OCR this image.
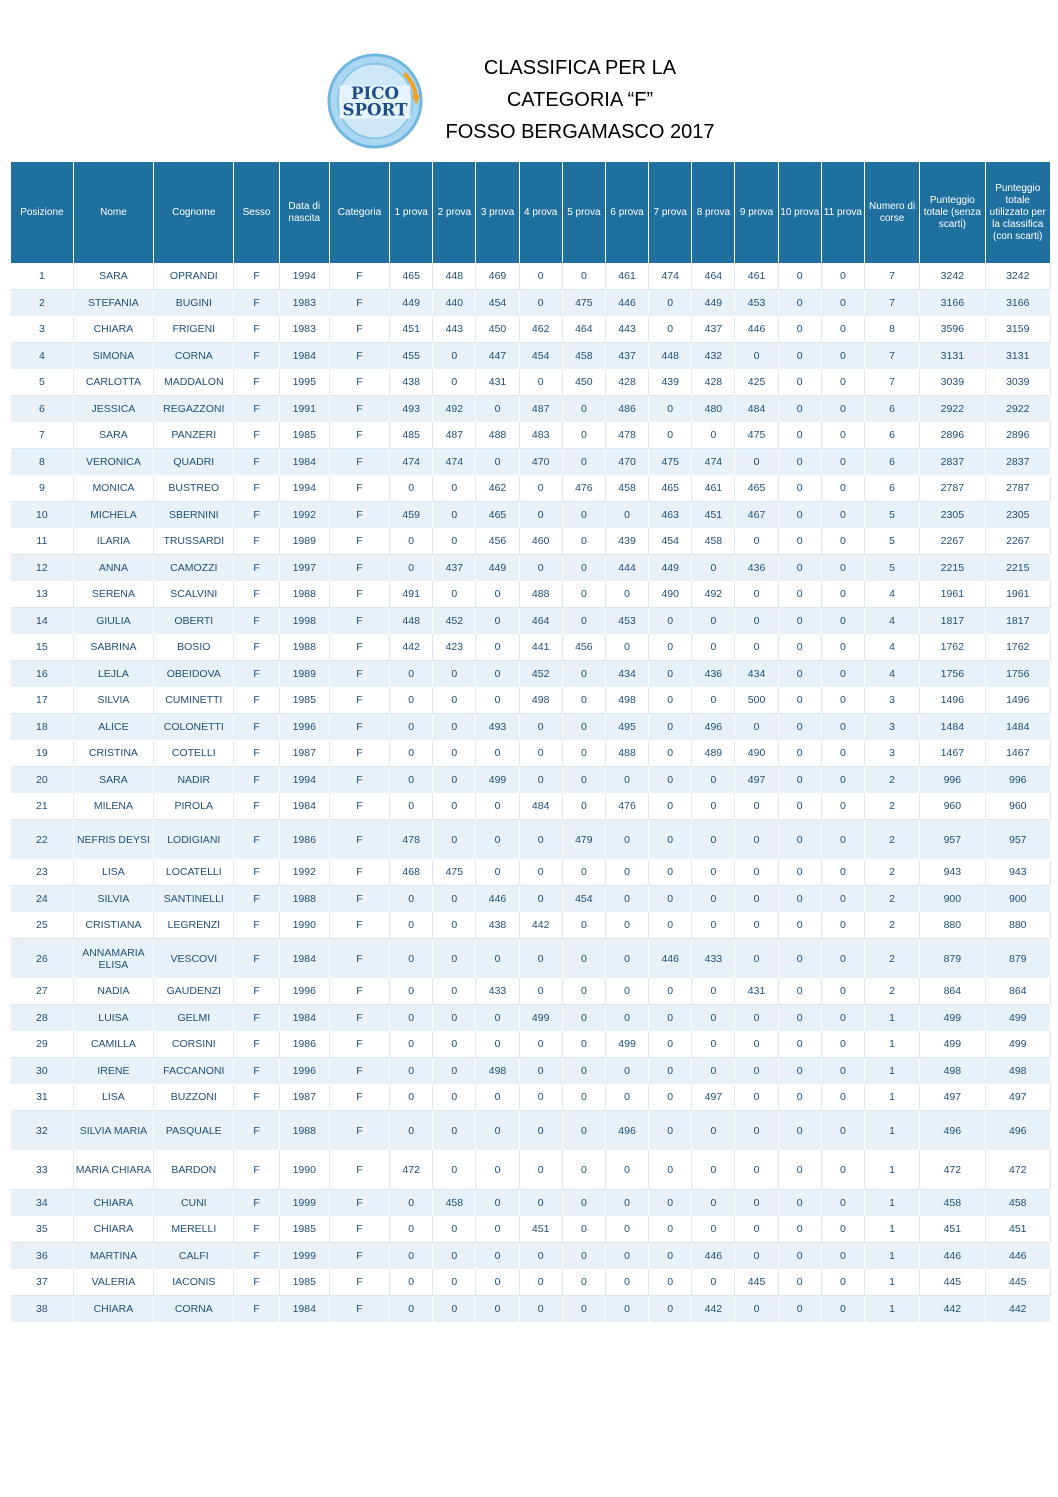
PICO
SPORT
CLASSIFICA PER LA
CATEGORIA “F”
FOSSO BERGAMASCO 2017
Posizione	Nome	Cognome	Sesso	Data di nascita	Categoria	1 prova	2 prova	3 prova	4 prova	5 prova	6 prova	7 prova	8 prova	9 prova	10 prova	11 prova	Numero di corse	Punteggio totale (senza scarti)	Punteggio totale utilizzato per la classifica (con scarti)
1	SARA	OPRANDI	F	1994	F	465	448	469	0	0	461	474	464	461	0	0	7	3242	3242
2	STEFANIA	BUGINI	F	1983	F	449	440	454	0	475	446	0	449	453	0	0	7	3166	3166
3	CHIARA	FRIGENI	F	1983	F	451	443	450	462	464	443	0	437	446	0	0	8	3596	3159
4	SIMONA	CORNA	F	1984	F	455	0	447	454	458	437	448	432	0	0	0	7	3131	3131
5	CARLOTTA	MADDALON	F	1995	F	438	0	431	0	450	428	439	428	425	0	0	7	3039	3039
6	JESSICA	REGAZZONI	F	1991	F	493	492	0	487	0	486	0	480	484	0	0	6	2922	2922
7	SARA	PANZERI	F	1985	F	485	487	488	483	0	478	0	0	475	0	0	6	2896	2896
8	VERONICA	QUADRI	F	1984	F	474	474	0	470	0	470	475	474	0	0	0	6	2837	2837
9	MONICA	BUSTREO	F	1994	F	0	0	462	0	476	458	465	461	465	0	0	6	2787	2787
10	MICHELA	SBERNINI	F	1992	F	459	0	465	0	0	0	463	451	467	0	0	5	2305	2305
11	ILARIA	TRUSSARDI	F	1989	F	0	0	456	460	0	439	454	458	0	0	0	5	2267	2267
12	ANNA	CAMOZZI	F	1997	F	0	437	449	0	0	444	449	0	436	0	0	5	2215	2215
13	SERENA	SCALVINI	F	1988	F	491	0	0	488	0	0	490	492	0	0	0	4	1961	1961
14	GIULIA	OBERTI	F	1998	F	448	452	0	464	0	453	0	0	0	0	0	4	1817	1817
15	SABRINA	BOSIO	F	1988	F	442	423	0	441	456	0	0	0	0	0	0	4	1762	1762
16	LEJLA	OBEIDOVA	F	1989	F	0	0	0	452	0	434	0	436	434	0	0	4	1756	1756
17	SILVIA	CUMINETTI	F	1985	F	0	0	0	498	0	498	0	0	500	0	0	3	1496	1496
18	ALICE	COLONETTI	F	1996	F	0	0	493	0	0	495	0	496	0	0	0	3	1484	1484
19	CRISTINA	COTELLI	F	1987	F	0	0	0	0	0	488	0	489	490	0	0	3	1467	1467
20	SARA	NADIR	F	1994	F	0	0	499	0	0	0	0	0	497	0	0	2	996	996
21	MILENA	PIROLA	F	1984	F	0	0	0	484	0	476	0	0	0	0	0	2	960	960
22	NEFRIS DEYSI	LODIGIANI	F	1986	F	478	0	0	0	479	0	0	0	0	0	0	2	957	957
23	LISA	LOCATELLI	F	1992	F	468	475	0	0	0	0	0	0	0	0	0	2	943	943
24	SILVIA	SANTINELLI	F	1988	F	0	0	446	0	454	0	0	0	0	0	0	2	900	900
25	CRISTIANA	LEGRENZI	F	1990	F	0	0	438	442	0	0	0	0	0	0	0	2	880	880
26	ANNAMARIA ELISA	VESCOVI	F	1984	F	0	0	0	0	0	0	446	433	0	0	0	2	879	879
27	NADIA	GAUDENZI	F	1996	F	0	0	433	0	0	0	0	0	431	0	0	2	864	864
28	LUISA	GELMI	F	1984	F	0	0	0	499	0	0	0	0	0	0	0	1	499	499
29	CAMILLA	CORSINI	F	1986	F	0	0	0	0	0	499	0	0	0	0	0	1	499	499
30	IRENE	FACCANONI	F	1996	F	0	0	498	0	0	0	0	0	0	0	0	1	498	498
31	LISA	BUZZONI	F	1987	F	0	0	0	0	0	0	0	497	0	0	0	1	497	497
32	SILVIA MARIA	PASQUALE	F	1988	F	0	0	0	0	0	496	0	0	0	0	0	1	496	496
33	MARIA CHIARA	BARDON	F	1990	F	472	0	0	0	0	0	0	0	0	0	0	1	472	472
34	CHIARA	CUNI	F	1999	F	0	458	0	0	0	0	0	0	0	0	0	1	458	458
35	CHIARA	MERELLI	F	1985	F	0	0	0	451	0	0	0	0	0	0	0	1	451	451
36	MARTINA	CALFI	F	1999	F	0	0	0	0	0	0	0	446	0	0	0	1	446	446
37	VALERIA	IACONIS	F	1985	F	0	0	0	0	0	0	0	0	445	0	0	1	445	445
38	CHIARA	CORNA	F	1984	F	0	0	0	0	0	0	0	442	0	0	0	1	442	442
